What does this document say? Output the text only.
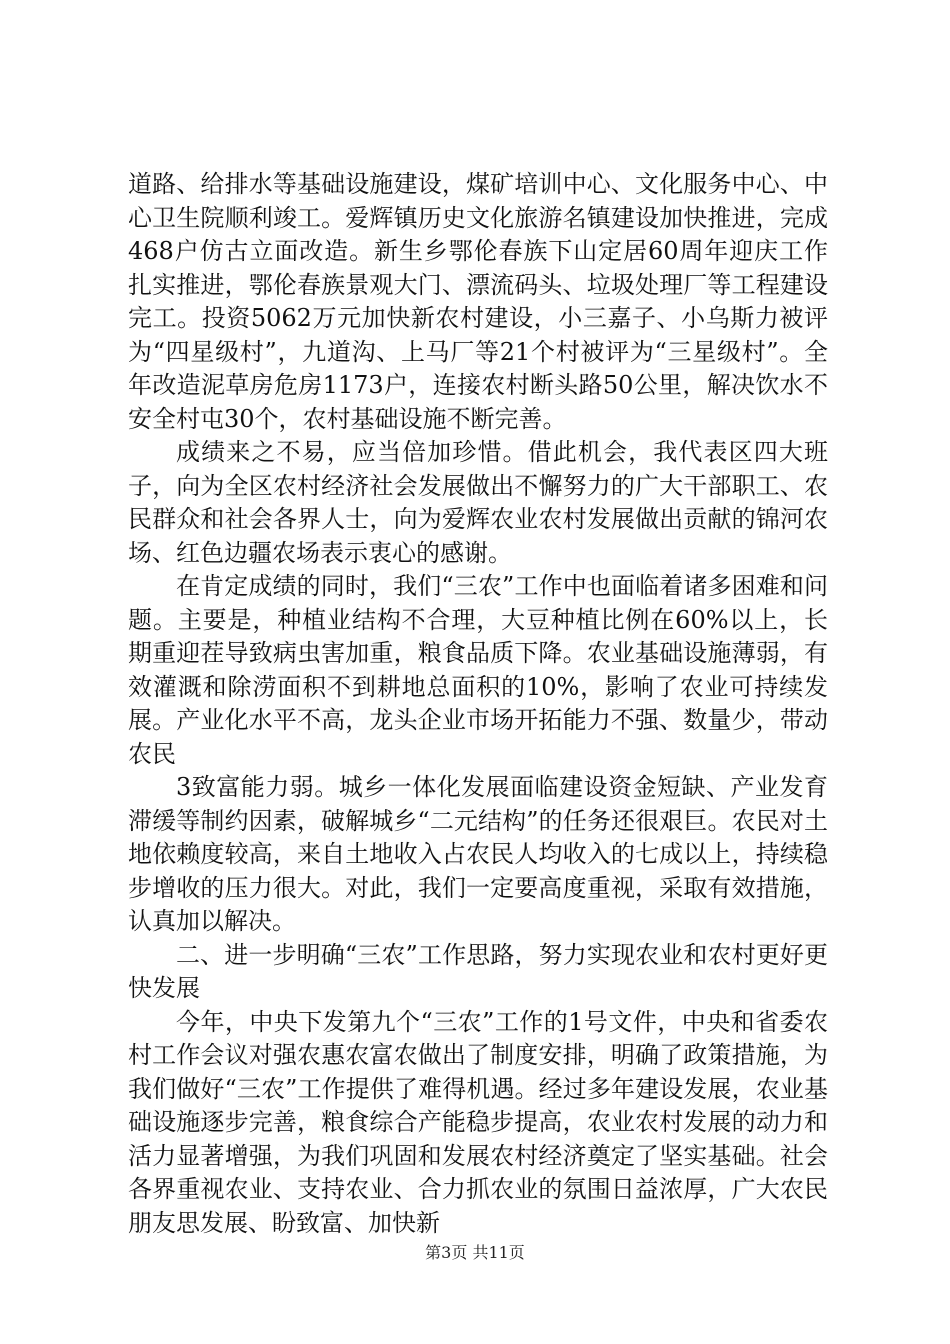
道路、给排水等基础设施建设，煤矿培训中心、文化服务中心、中心卫生院顺利竣工。爱辉镇历史文化旅游名镇建设加快推进，完成468户仿古立面改造。新生乡鄂伦春族下山定居60周年迎庆工作扎实推进，鄂伦春族景观大门、漂流码头、垃圾处理厂等工程建设完工。投资5062万元加快新农村建设，小三嘉子、小乌斯力被评为“四星级村”，九道沟、上马厂等21个村被评为“三星级村”。全年改造泥草房危房1173户，连接农村断头路50公里，解决饮水不安全村屯30个，农村基础设施不断完善。

成绩来之不易，应当倍加珍惜。借此机会，我代表区四大班子，向为全区农村经济社会发展做出不懈努力的广大干部职工、农民群众和社会各界人士，向为爱辉农业农村发展做出贡献的锦河农场、红色边疆农场表示衷心的感谢。

在肯定成绩的同时，我们“三农”工作中也面临着诸多困难和问题。主要是，种植业结构不合理，大豆种植比例在60%以上，长期重迎茬导致病虫害加重，粮食品质下降。农业基础设施薄弱，有效灌溉和除涝面积不到耕地总面积的10%，影响了农业可持续发展。产业化水平不高，龙头企业市场开拓能力不强、数量少，带动农民

3致富能力弱。城乡一体化发展面临建设资金短缺、产业发育滞缓等制约因素，破解城乡“二元结构”的任务还很艰巨。农民对土地依赖度较高，来自土地收入占农民人均收入的七成以上，持续稳步增收的压力很大。对此，我们一定要高度重视，采取有效措施，认真加以解决。

二、进一步明确“三农”工作思路，努力实现农业和农村更好更快发展

今年，中央下发第九个“三农”工作的1号文件，中央和省委农村工作会议对强农惠农富农做出了制度安排，明确了政策措施，为我们做好“三农”工作提供了难得机遇。经过多年建设发展，农业基础设施逐步完善，粮食综合产能稳步提高，农业农村发展的动力和活力显著增强，为我们巩固和发展农村经济奠定了坚实基础。社会各界重视农业、支持农业、合力抓农业的氛围日益浓厚，广大农民朋友思发展、盼致富、加快新

第3页 共11页
